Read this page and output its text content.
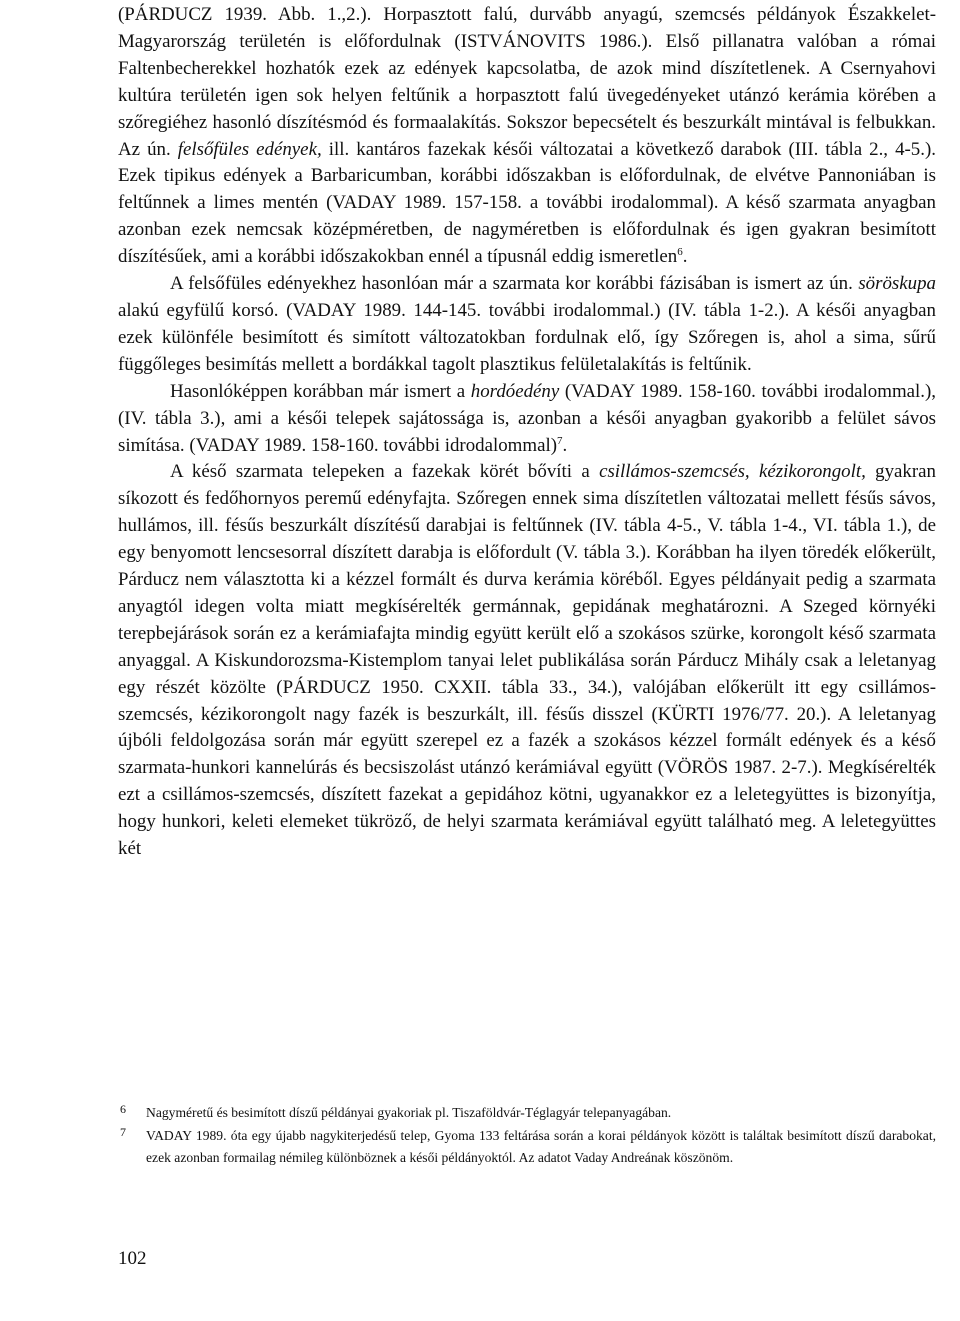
(PÁRDUCZ 1939. Abb. 1.,2.). Horpasztott falú, durvább anyagú, szemcsés példányok Északkelet-Magyarország területén is előfordulnak (ISTVÁNOVITS 1986.). Első pillanatra valóban a római Faltenbecherekkel hozhatók ezek az edények kapcsolatba, de azok mind díszítetlenek. A Csernyahovi kultúra területén igen sok helyen feltűnik a horpasztott falú üvegedényeket utánzó kerámia körében a szőregiéhez hasonló díszítésmód és formaalakítás. Sokszor bepecsételt és beszurkált mintával is felbukkan. Az ún. felsőfüles edények, ill. kantáros fazekak késői változatai a következő darabok (III. tábla 2., 4-5.). Ezek tipikus edények a Barbaricumban, korábbi időszakban is előfordulnak, de elvétve Pannoniában is feltűnnek a limes mentén (VADAY 1989. 157-158. a további irodalommal). A késő szarmata anyagban azonban ezek nemcsak középméretben, de nagyméretben is előfordulnak és igen gyakran besimított díszítésűek, ami a korábbi időszakokban ennél a típusnál eddig ismeretlen$^6$.

A felsőfüles edényekhez hasonlóan már a szarmata kor korábbi fázisában is ismert az ún. söröskupa alakú egyfülű korsó. (VADAY 1989. 144-145. további irodalommal.) (IV. tábla 1-2.). A késői anyagban ezek különféle besimított és simított változatokban fordulnak elő, így Szőregen is, ahol a sima, sűrű függőleges besimítás mellett a bordákkal tagolt plasztikus felületalakítás is feltűnik.

Hasonlóképpen korábban már ismert a hordóedény (VADAY 1989. 158-160. további irodalommal.), (IV. tábla 3.), ami a késői telepek sajátossága is, azonban a késői anyagban gyakoribb a felület sávos simítása. (VADAY 1989. 158-160. további idrodalommal)$^7$.

A késő szarmata telepeken a fazekak körét bővíti a csillámos-szemcsés, kézikorongolt, gyakran síkozott és fedőhornyos peremű edényfajta. Szőregen ennek sima díszítetlen változatai mellett fésűs sávos, hullámos, ill. fésűs beszurkált díszítésű darabjai is feltűnnek (IV. tábla 4-5., V. tábla 1-4., VI. tábla 1.), de egy benyomott lencsesorral díszített darabja is előfordult (V. tábla 3.). Korábban ha ilyen töredék előkerült, Párducz nem választotta ki a kézzel formált és durva kerámia köréből. Egyes példányait pedig a szarmata anyagtól idegen volta miatt megkísérelték germánnak, gepidának meghatározni. A Szeged környéki terepbejárások során ez a kerámiafajta mindig együtt került elő a szokásos szürke, korongolt késő szarmata anyaggal. A Kiskundorozsma-Kistemplom tanyai lelet publikálása során Párducz Mihály csak a leletanyag egy részét közölte (PÁRDUCZ 1950. CXXII. tábla 33., 34.), valójában előkerült itt egy csillámos-szemcsés, kézikorongolt nagy fazék is beszurkált, ill. fésűs disszel (KÜRTI 1976/77. 20.). A leletanyag újbóli feldolgozása során már együtt szerepel ez a fazék a szokásos kézzel formált edények és a késő szarmata-hunkori kannelúrás és becsiszolást utánzó kerámiával együtt (VÖRÖS 1987. 2-7.). Megkísérelték ezt a csillámos-szemcsés, díszített fazekat a gepidához kötni, ugyanakkor ez a leletegyüttes is bizonyítja, hogy hunkori, keleti elemeket tükröző, de helyi szarmata kerámiával együtt található meg. A leletegyüttes két

6 Nagyméretű és besimított díszű példányai gyakoriak pl. Tiszaföldvár-Téglagyár telepanyagában.
7 VADAY 1989. óta egy újabb nagykiterjedésű telep, Gyoma 133 feltárása során a korai példányok között is találtak besimított díszű darabokat, ezek azonban formailag némileg különböznek a késői példányoktól. Az adatot Vaday Andreának köszönöm.
102
